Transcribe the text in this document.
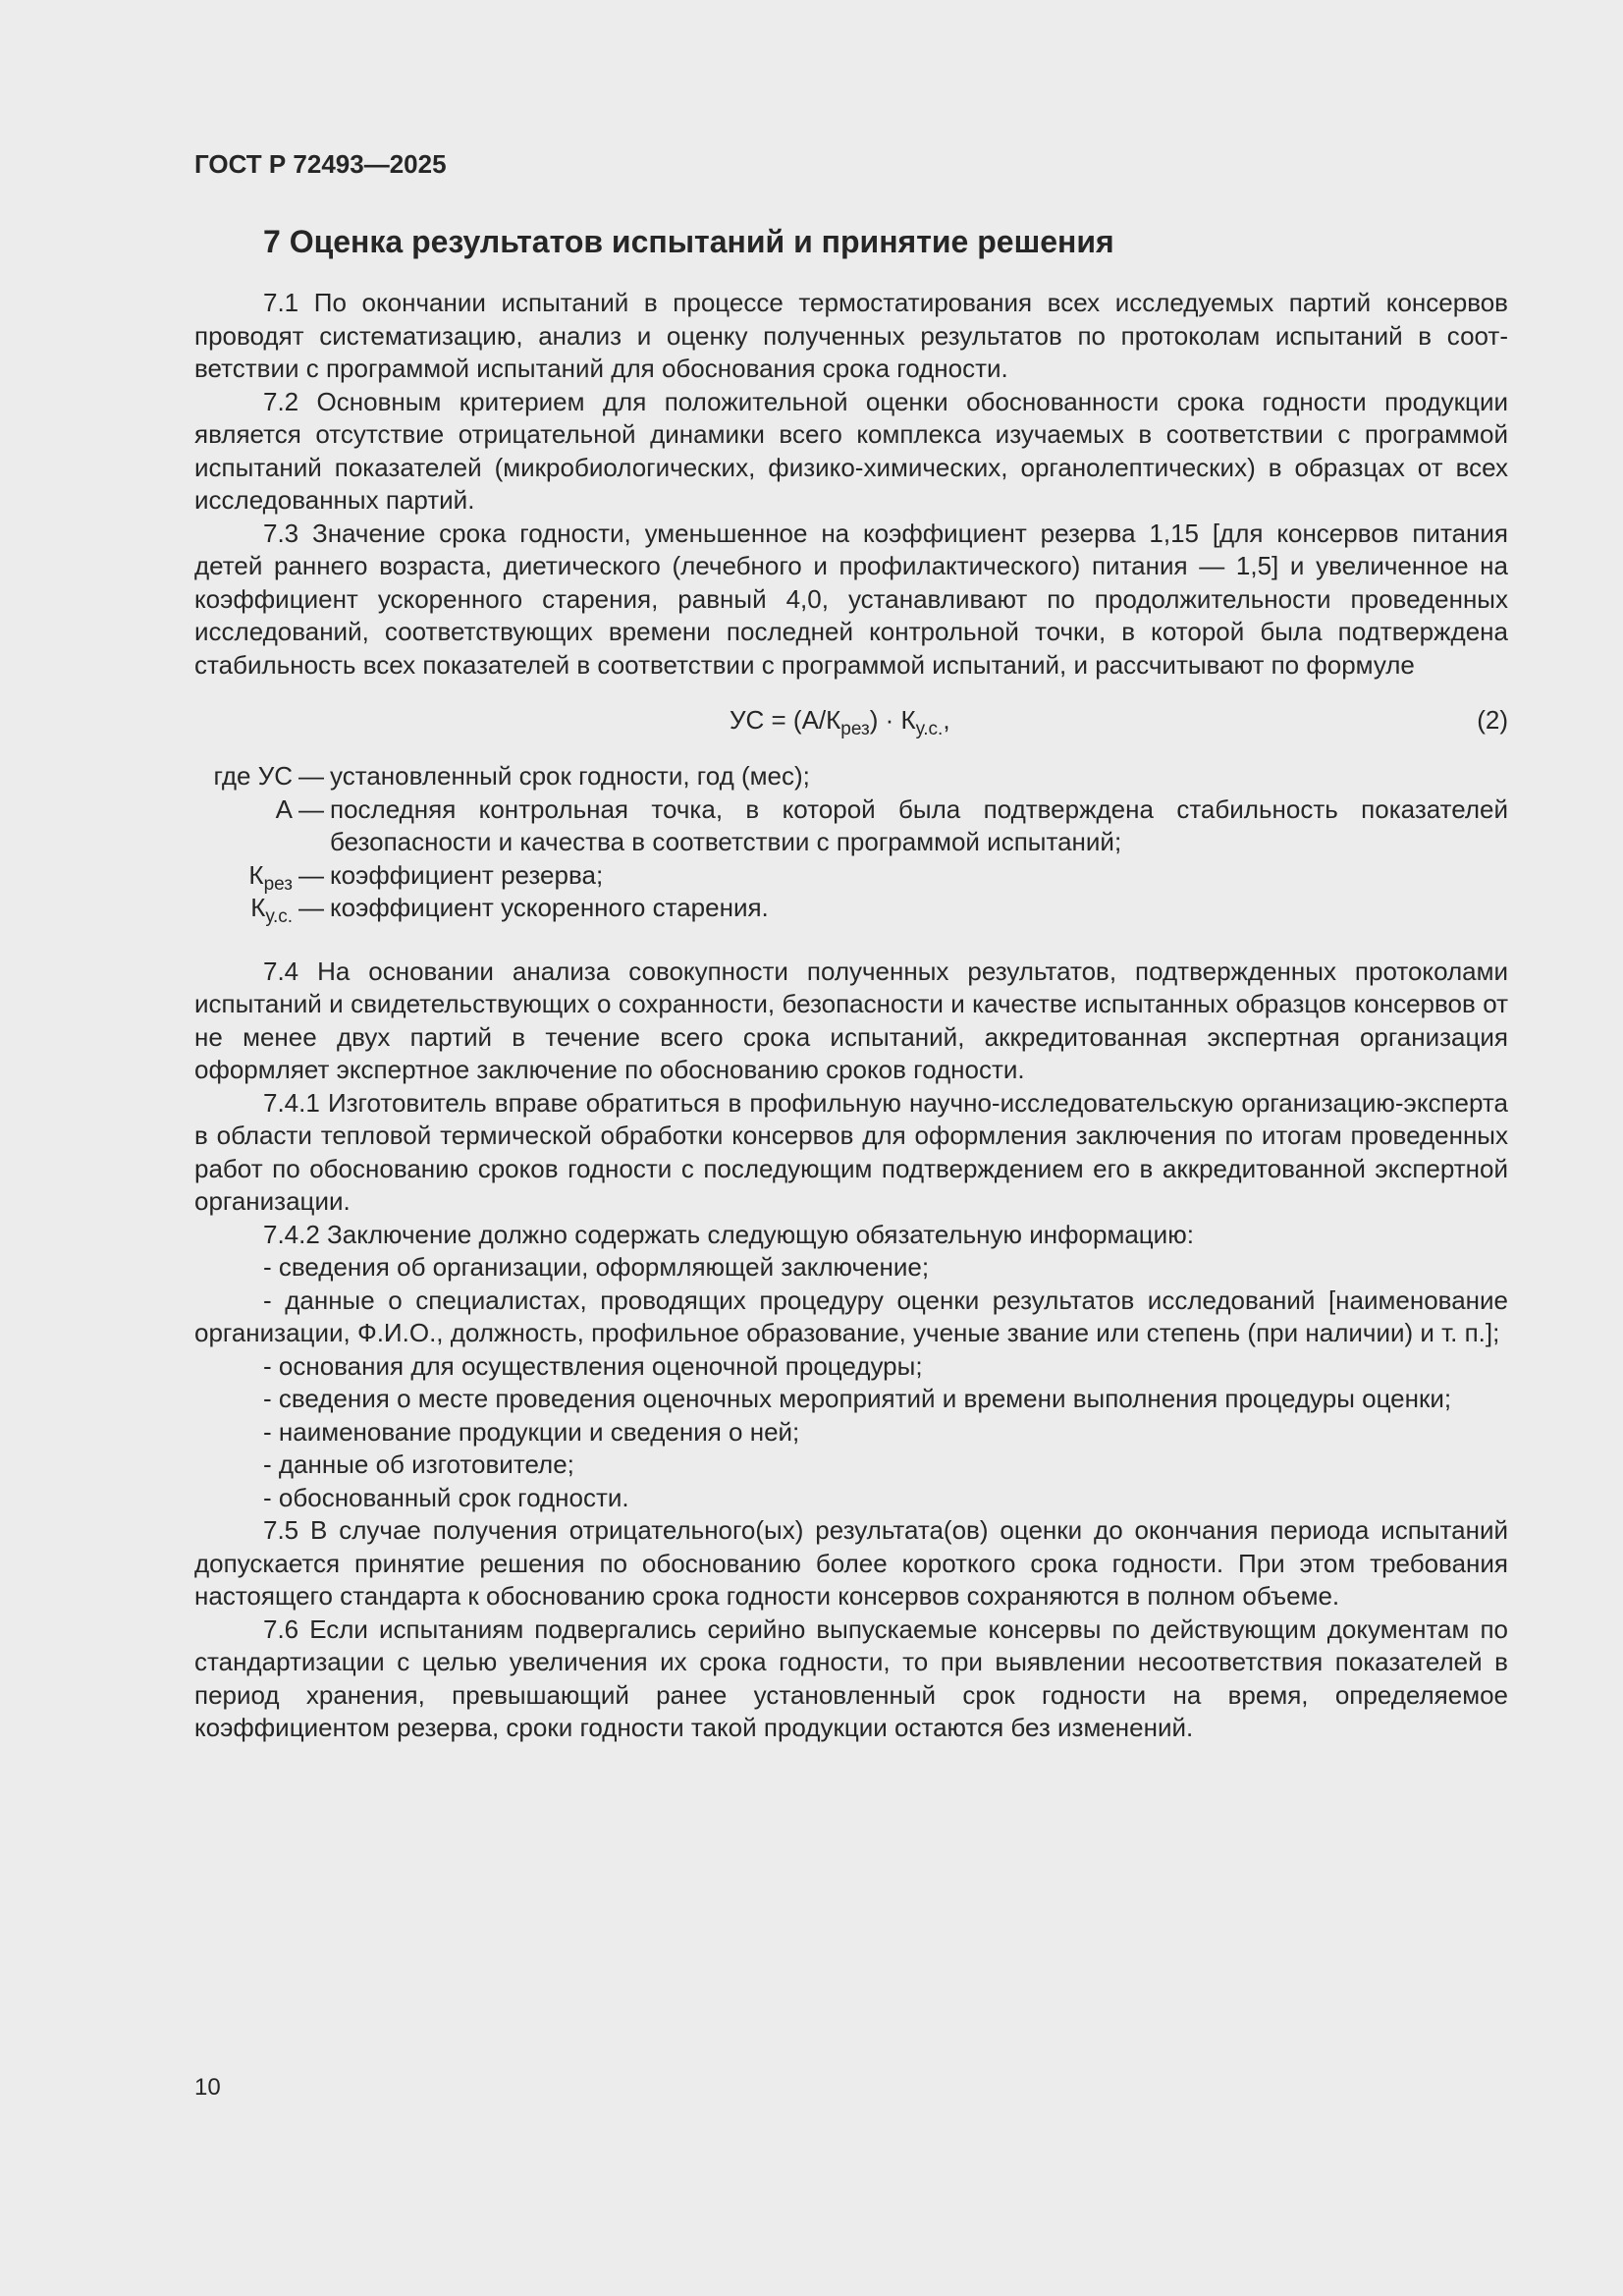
ГОСТ Р 72493—2025
7 Оценка результатов испытаний и принятие решения

7.1 По окончании испытаний в процессе термостатирования всех исследуемых партий консервов проводят систематизацию, анализ и оценку полученных результатов по протоколам испытаний в соответствии с программой испытаний для обоснования срока годности.

7.2 Основным критерием для положительной оценки обоснованности срока годности продукции является отсутствие отрицательной динамики всего комплекса изучаемых в соответствии с программой испытаний показателей (микробиологических, физико-химических, органолептических) в образцах от всех исследованных партий.

7.3 Значение срока годности, уменьшенное на коэффициент резерва 1,15 [для консервов питания детей раннего возраста, диетического (лечебного и профилактического) питания — 1,5] и увеличенное на коэффициент ускоренного старения, равный 4,0, устанавливают по продолжительности проведенных исследований, соответствующих времени последней контрольной точки, в которой была подтверждена стабильность всех показателей в соответствии с программой испытаний, и рассчитывают по формуле

УС = $(А/К_{рез}) \cdot К_{у.с.}$,	(2)
где УС — установленный срок годности, год (мес);
А — последняя контрольная точка, в которой была подтверждена стабильность показателей безопасности и качества в соответствии с программой испытаний;
$К_{рез}$ — коэффициент резерва;
$К_{у.с.}$ — коэффициент ускоренного старения.

7.4 На основании анализа совокупности полученных результатов, подтвержденных протоколами испытаний и свидетельствующих о сохранности, безопасности и качестве испытанных образцов консервов от не менее двух партий в течение всего срока испытаний, аккредитованная экспертная организация оформляет экспертное заключение по обоснованию сроков годности.

7.4.1 Изготовитель вправе обратиться в профильную научно-исследовательскую организацию-эксперта в области тепловой термической обработки консервов для оформления заключения по итогам проведенных работ по обоснованию сроков годности с последующим подтверждением его в аккредитованной экспертной организации.

7.4.2 Заключение должно содержать следующую обязательную информацию:

- сведения об организации, оформляющей заключение;

- данные о специалистах, проводящих процедуру оценки результатов исследований [наименование организации, Ф.И.О., должность, профильное образование, ученые звание или степень (при наличии) и т. п.];

- основания для осуществления оценочной процедуры;

- сведения о месте проведения оценочных мероприятий и времени выполнения процедуры оценки;

- наименование продукции и сведения о ней;

- данные об изготовителе;

- обоснованный срок годности.

7.5 В случае получения отрицательного(ых) результата(ов) оценки до окончания периода испытаний допускается принятие решения по обоснованию более короткого срока годности. При этом требования настоящего стандарта к обоснованию срока годности консервов сохраняются в полном объеме.

7.6 Если испытаниям подвергались серийно выпускаемые консервы по действующим документам по стандартизации с целью увеличения их срока годности, то при выявлении несоответствия показателей в период хранения, превышающий ранее установленный срок годности на время, определяемое коэффициентом резерва, сроки годности такой продукции остаются без изменений.

10
